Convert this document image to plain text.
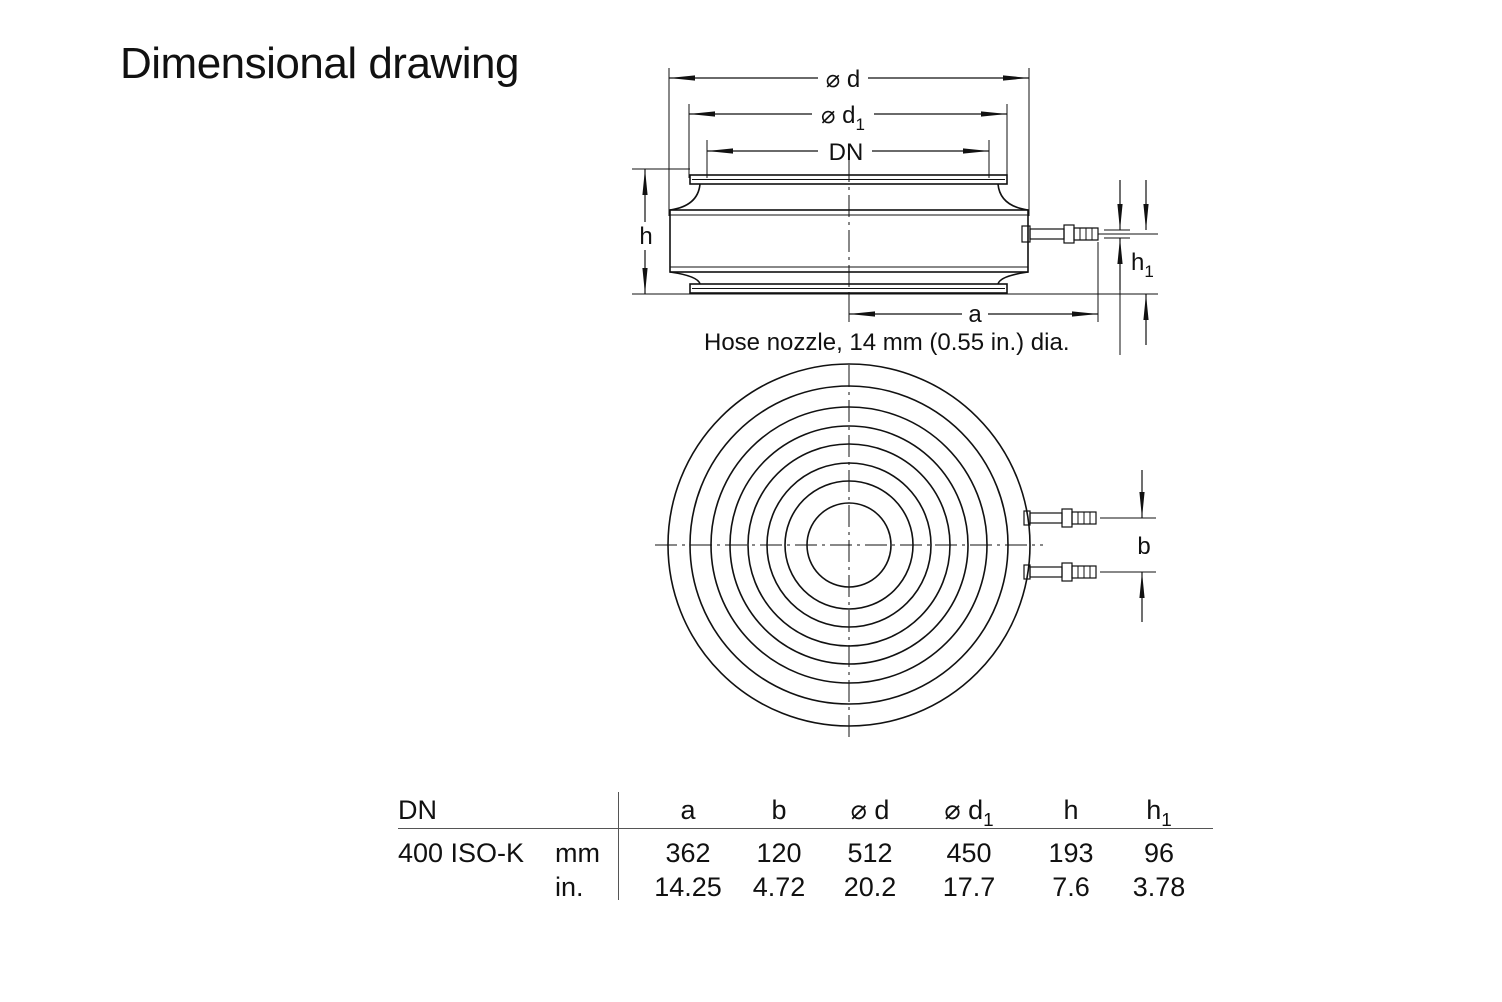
Dimensional drawing	⌀ d
⌀ $d_1$
DN
h
a
$h_1$
Hose nozzle, 14 mm (0.55 in.) dia.
b
DN	a	b	⌀ d	⌀ $d_1$	h	$h_1$
400 ISO-K mm	362	120	512	450	193	96
in.	14.25	4.72	20.2	17.7	7.6	3.78
